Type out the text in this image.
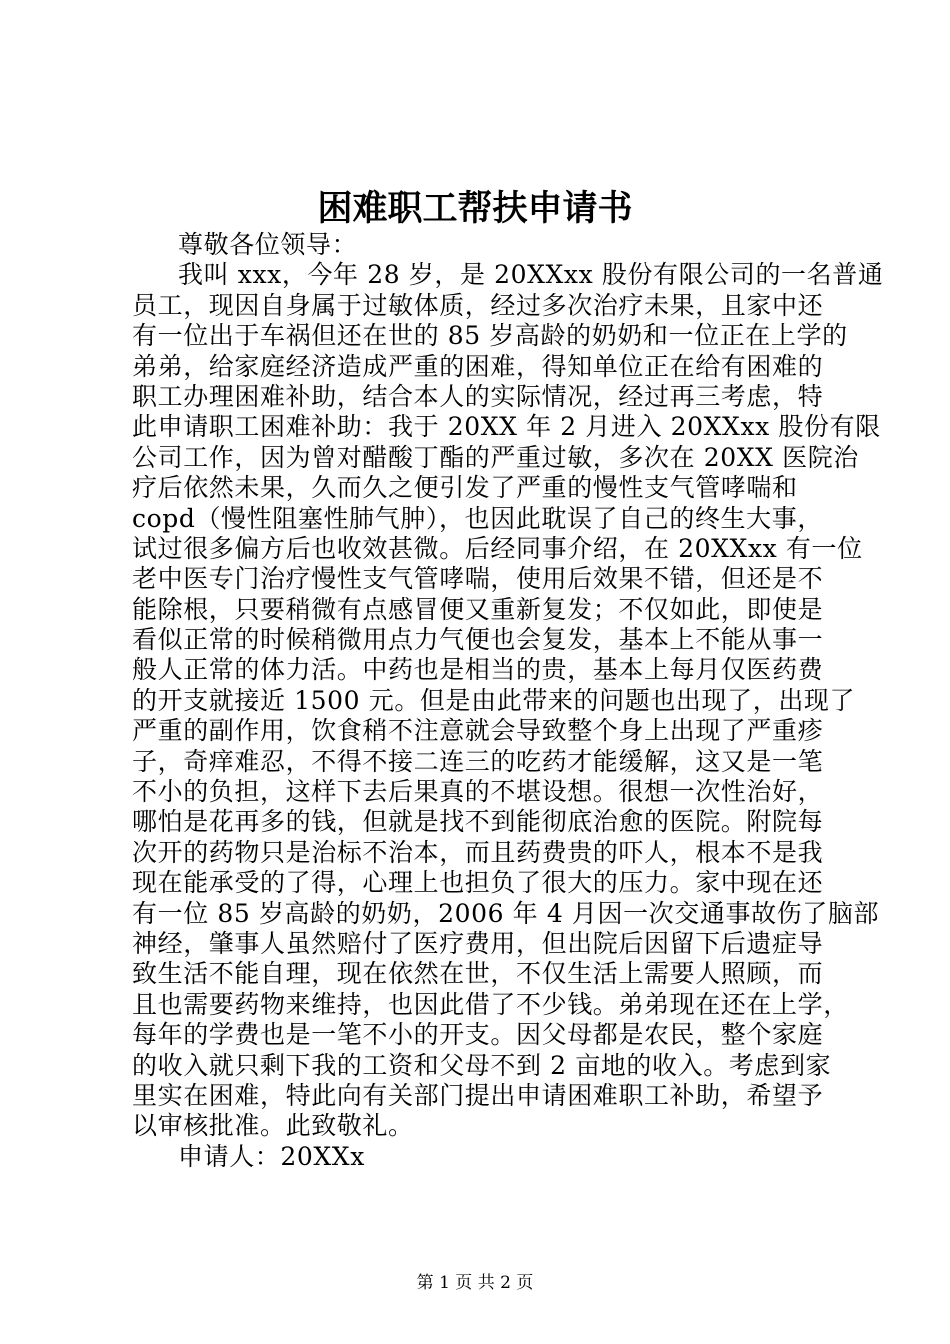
困难职工帮扶申请书
尊敬各位领导：
我叫 xxx，今年 28 岁，是 20XXxx 股份有限公司的一名普通
员工，现因自身属于过敏体质，经过多次治疗未果，且家中还
有一位出于车祸但还在世的 85 岁高龄的奶奶和一位正在上学的
弟弟，给家庭经济造成严重的困难，得知单位正在给有困难的
职工办理困难补助，结合本人的实际情况，经过再三考虑，特
此申请职工困难补助：我于 20XX 年 2 月进入 20XXxx 股份有限
公司工作，因为曾对醋酸丁酯的严重过敏，多次在 20XX 医院治
疗后依然未果，久而久之便引发了严重的慢性支气管哮喘和
copd（慢性阻塞性肺气肿），也因此耽误了自己的终生大事，
试过很多偏方后也收效甚微。后经同事介绍，在 20XXxx 有一位
老中医专门治疗慢性支气管哮喘，使用后效果不错，但还是不
能除根，只要稍微有点感冒便又重新复发；不仅如此，即使是
看似正常的时候稍微用点力气便也会复发，基本上不能从事一
般人正常的体力活。中药也是相当的贵，基本上每月仅医药费
的开支就接近 1500 元。但是由此带来的问题也出现了，出现了
严重的副作用，饮食稍不注意就会导致整个身上出现了严重疹
子，奇痒难忍，不得不接二连三的吃药才能缓解，这又是一笔
不小的负担，这样下去后果真的不堪设想。很想一次性治好，
哪怕是花再多的钱，但就是找不到能彻底治愈的医院。附院每
次开的药物只是治标不治本，而且药费贵的吓人，根本不是我
现在能承受的了得，心理上也担负了很大的压力。家中现在还
有一位 85 岁高龄的奶奶，2006 年 4 月因一次交通事故伤了脑部
神经，肇事人虽然赔付了医疗费用，但出院后因留下后遗症导
致生活不能自理，现在依然在世，不仅生活上需要人照顾，而
且也需要药物来维持，也因此借了不少钱。弟弟现在还在上学，
每年的学费也是一笔不小的开支。因父母都是农民，整个家庭
的收入就只剩下我的工资和父母不到 2 亩地的收入。考虑到家
里实在困难，特此向有关部门提出申请困难职工补助，希望予
以审核批准。此致敬礼。
申请人：20XXx
第 1 页 共 2 页
